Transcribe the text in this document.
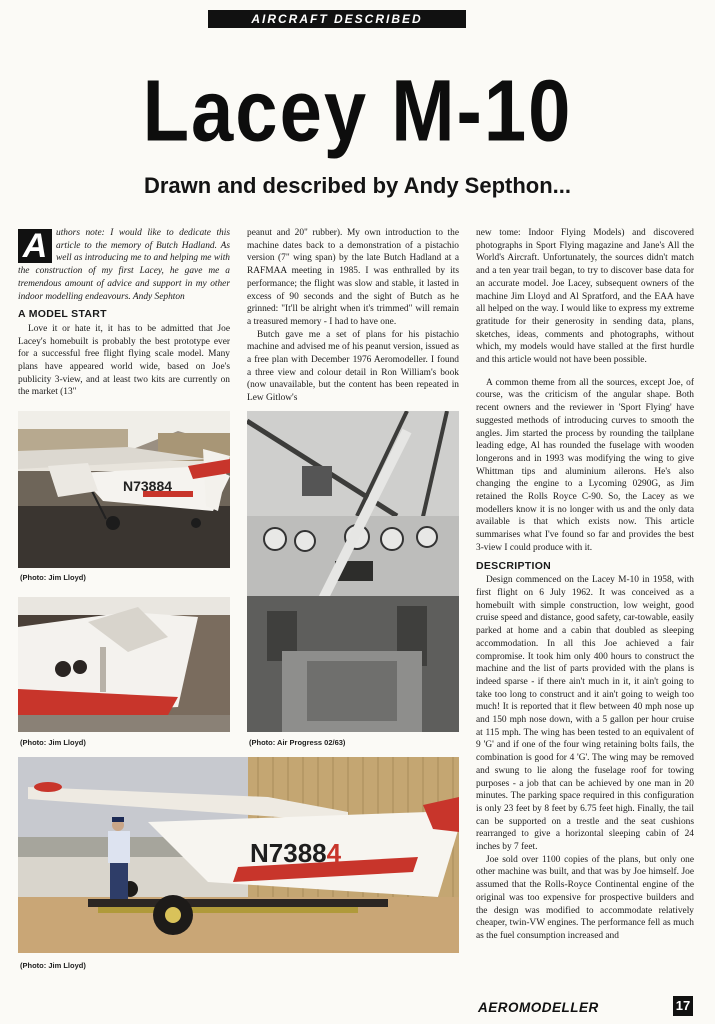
AIRCRAFT DESCRIBED
Lacey M-10
Drawn and described by Andy Septhon...

A uthors note: I would like to dedicate this article to the memory of Butch Hadland. As well as introducing me to and helping me with the construction of my first Lacey, he gave me a tremendous amount of advice and support in my other indoor modelling endeavours. Andy Sephton

A MODEL START

Love it or hate it, it has to be admitted that Joe Lacey's homebuilt is probably the best prototype ever for a successful free flight flying scale model. Many plans have appeared world wide, based on Joe's publicity 3-view, and at least two kits are currently on the market (13"

peanut and 20" rubber). My own introduction to the machine dates back to a demonstration of a pistachio version (7" wing span) by the late Butch Hadland at a RAFMAA meeting in 1985. I was enthralled by its performance; the flight was slow and stable, it lasted in excess of 90 seconds and the sight of Butch as he grinned: "It'll be alright when it's trimmed" will remain a treasured memory - I had to have one.

Butch gave me a set of plans for his pistachio machine and advised me of his peanut version, issued as a free plan with December 1976 Aeromodeller. I found a three view and colour detail in Ron William's book (now unavailable, but the content has been repeated in Lew Gitlow's

new tome: Indoor Flying Models) and discovered photographs in Sport Flying magazine and Jane's All the World's Aircraft. Unfortunately, the sources didn't match and a ten year trail began, to try to discover base data for an accurate model. Joe Lacey, subsequent owners of the machine Jim Lloyd and Al Spratford, and the EAA have all helped on the way. I would like to express my extreme gratitude for their generosity in sending data, plans, sketches, ideas, comments and photographs, without which, my models would have stalled at the first hurdle and this article would not have been possible.

A common theme from all the sources, except Joe, of course, was the criticism of the angular shape. Both recent owners and the reviewer in 'Sport Flying' have suggested methods of introducing curves to smooth the angles. Jim started the process by rounding the tailplane leading edge, Al has rounded the fuselage with wooden longerons and in 1993 was modifying the wing to give Whittman tips and aluminium ailerons. He's also changing the engine to a Lycoming 0290G, as Jim retained the Rolls Royce C-90. So, the Lacey as we modellers know it is no longer with us and the only data available is that which exists now. This article summarises what I've found so far and provides the best 3-view I could produce with it.

DESCRIPTION

Design commenced on the Lacey M-10 in 1958, with first flight on 6 July 1962. It was conceived as a homebuilt with simple construction, low weight, good cruise speed and distance, good safety, car-towable, easily parked at home and a cabin that doubled as sleeping accommodation. In all this Joe achieved a fair compromise. It took him only 400 hours to construct the machine and the list of parts provided with the plans is indeed sparse - if there ain't much in it, it ain't going to take too long to construct and it ain't going to weigh too much! It is reported that it flew between 40 mph nose up and 150 mph nose down, with a 5 gallon per hour cruise at 115 mph. The wing has been tested to an equivalent of 9 'G' and if one of the four wing retaining bolts fails, the combination is good for 4 'G'. The wing may be removed and swung to lie along the fuselage roof for towing purposes - a job that can be achieved by one man in 20 minutes. The parking space required in this configuration is only 23 feet by 8 feet by 6.75 feet high. Finally, the tail can be supported on a trestle and the seat cushions rearranged to give a horizontal sleeping cabin of 24 inches by 7 feet.

Joe sold over 1100 copies of the plans, but only one other machine was built, and that was by Joe himself. Joe assumed that the Rolls-Royce Continental engine of the original was too expensive for prospective builders and the design was modified to accommodate relatively cheaper, twin-VW engines. The performance fell as much as the fuel consumption increased and

N73884
(Photo: Jim Lloyd)
(Photo: Jim Lloyd)	(Photo: Air Progress 02/63)
N73884
(Photo: Jim Lloyd)
AEROMODELLER	17
